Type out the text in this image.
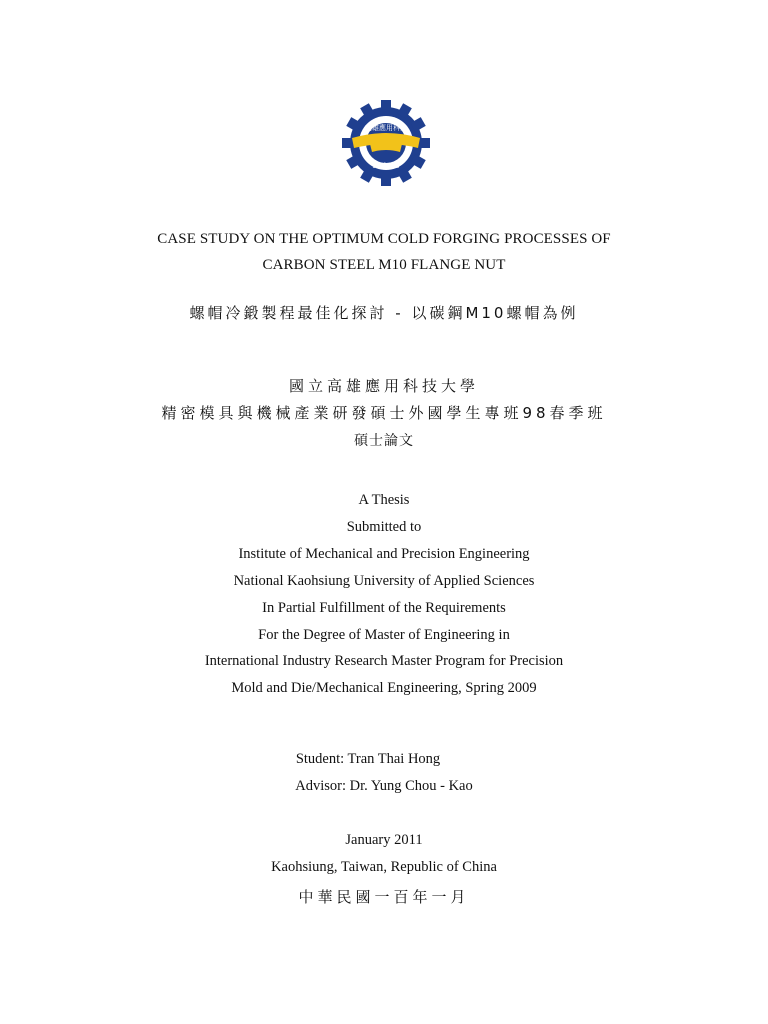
高雄應用科大
K.U.A.S

CASE STUDY ON THE OPTIMUM COLD FORGING PROCESSES OF

CARBON STEEL M10 FLANGE NUT

螺帽冷鍛製程最佳化探討 - 以碳鋼M10螺帽為例

國立高雄應用科技大學

精密模具與機械產業研發碩士外國學生專班98春季班

碩士論文

A Thesis

Submitted to

Institute of Mechanical and Precision Engineering

National Kaohsiung University of Applied Sciences

In Partial Fulfillment of the Requirements

For the Degree of Master of Engineering in

International Industry Research Master Program for Precision

Mold and Die/Mechanical Engineering, Spring 2009

Student: Tran Thai Hong

Advisor: Dr. Yung Chou - Kao

January 2011

Kaohsiung, Taiwan, Republic of China

中華民國一百年一月
